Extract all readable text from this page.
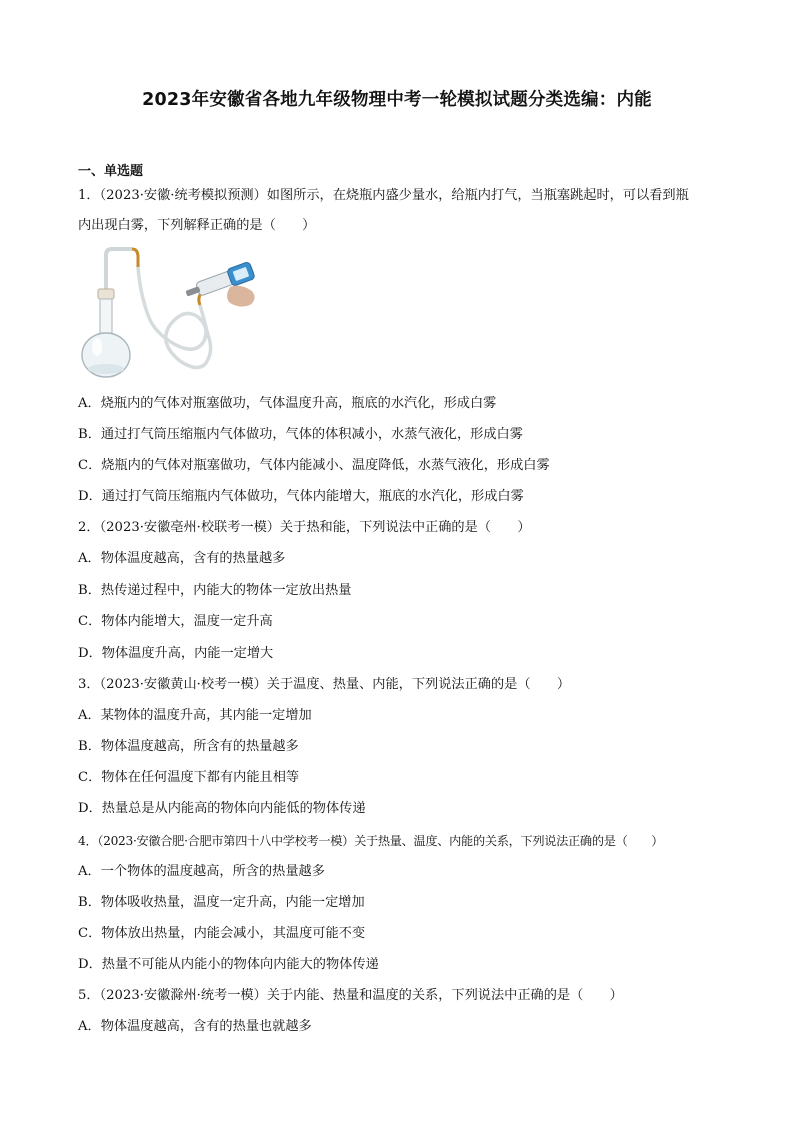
2023年安徽省各地九年级物理中考一轮模拟试题分类选编：内能
一、单选题
1．（2023·安徽·统考模拟预测）如图所示，在烧瓶内盛少量水，给瓶内打气，当瓶塞跳起时，可以看到瓶
内出现白雾，下列解释正确的是（　　）
A．烧瓶内的气体对瓶塞做功，气体温度升高，瓶底的水汽化，形成白雾
B．通过打气筒压缩瓶内气体做功，气体的体积减小，水蒸气液化，形成白雾
C．烧瓶内的气体对瓶塞做功，气体内能减小、温度降低，水蒸气液化，形成白雾
D．通过打气筒压缩瓶内气体做功，气体内能增大，瓶底的水汽化，形成白雾
2．（2023·安徽亳州·校联考一模）关于热和能，下列说法中正确的是（　　）
A．物体温度越高，含有的热量越多
B．热传递过程中，内能大的物体一定放出热量
C．物体内能增大，温度一定升高
D．物体温度升高，内能一定增大
3．（2023·安徽黄山·校考一模）关于温度、热量、内能，下列说法正确的是（　　）
A．某物体的温度升高，其内能一定增加
B．物体温度越高，所含有的热量越多
C．物体在任何温度下都有内能且相等
D．热量总是从内能高的物体向内能低的物体传递
4．（2023·安徽合肥·合肥市第四十八中学校考一模）关于热量、温度、内能的关系，下列说法正确的是（　　）
A．一个物体的温度越高，所含的热量越多
B．物体吸收热量，温度一定升高，内能一定增加
C．物体放出热量，内能会减小，其温度可能不变
D．热量不可能从内能小的物体向内能大的物体传递
5．（2023·安徽滁州·统考一模）关于内能、热量和温度的关系，下列说法中正确的是（　　）
A．物体温度越高，含有的热量也就越多
